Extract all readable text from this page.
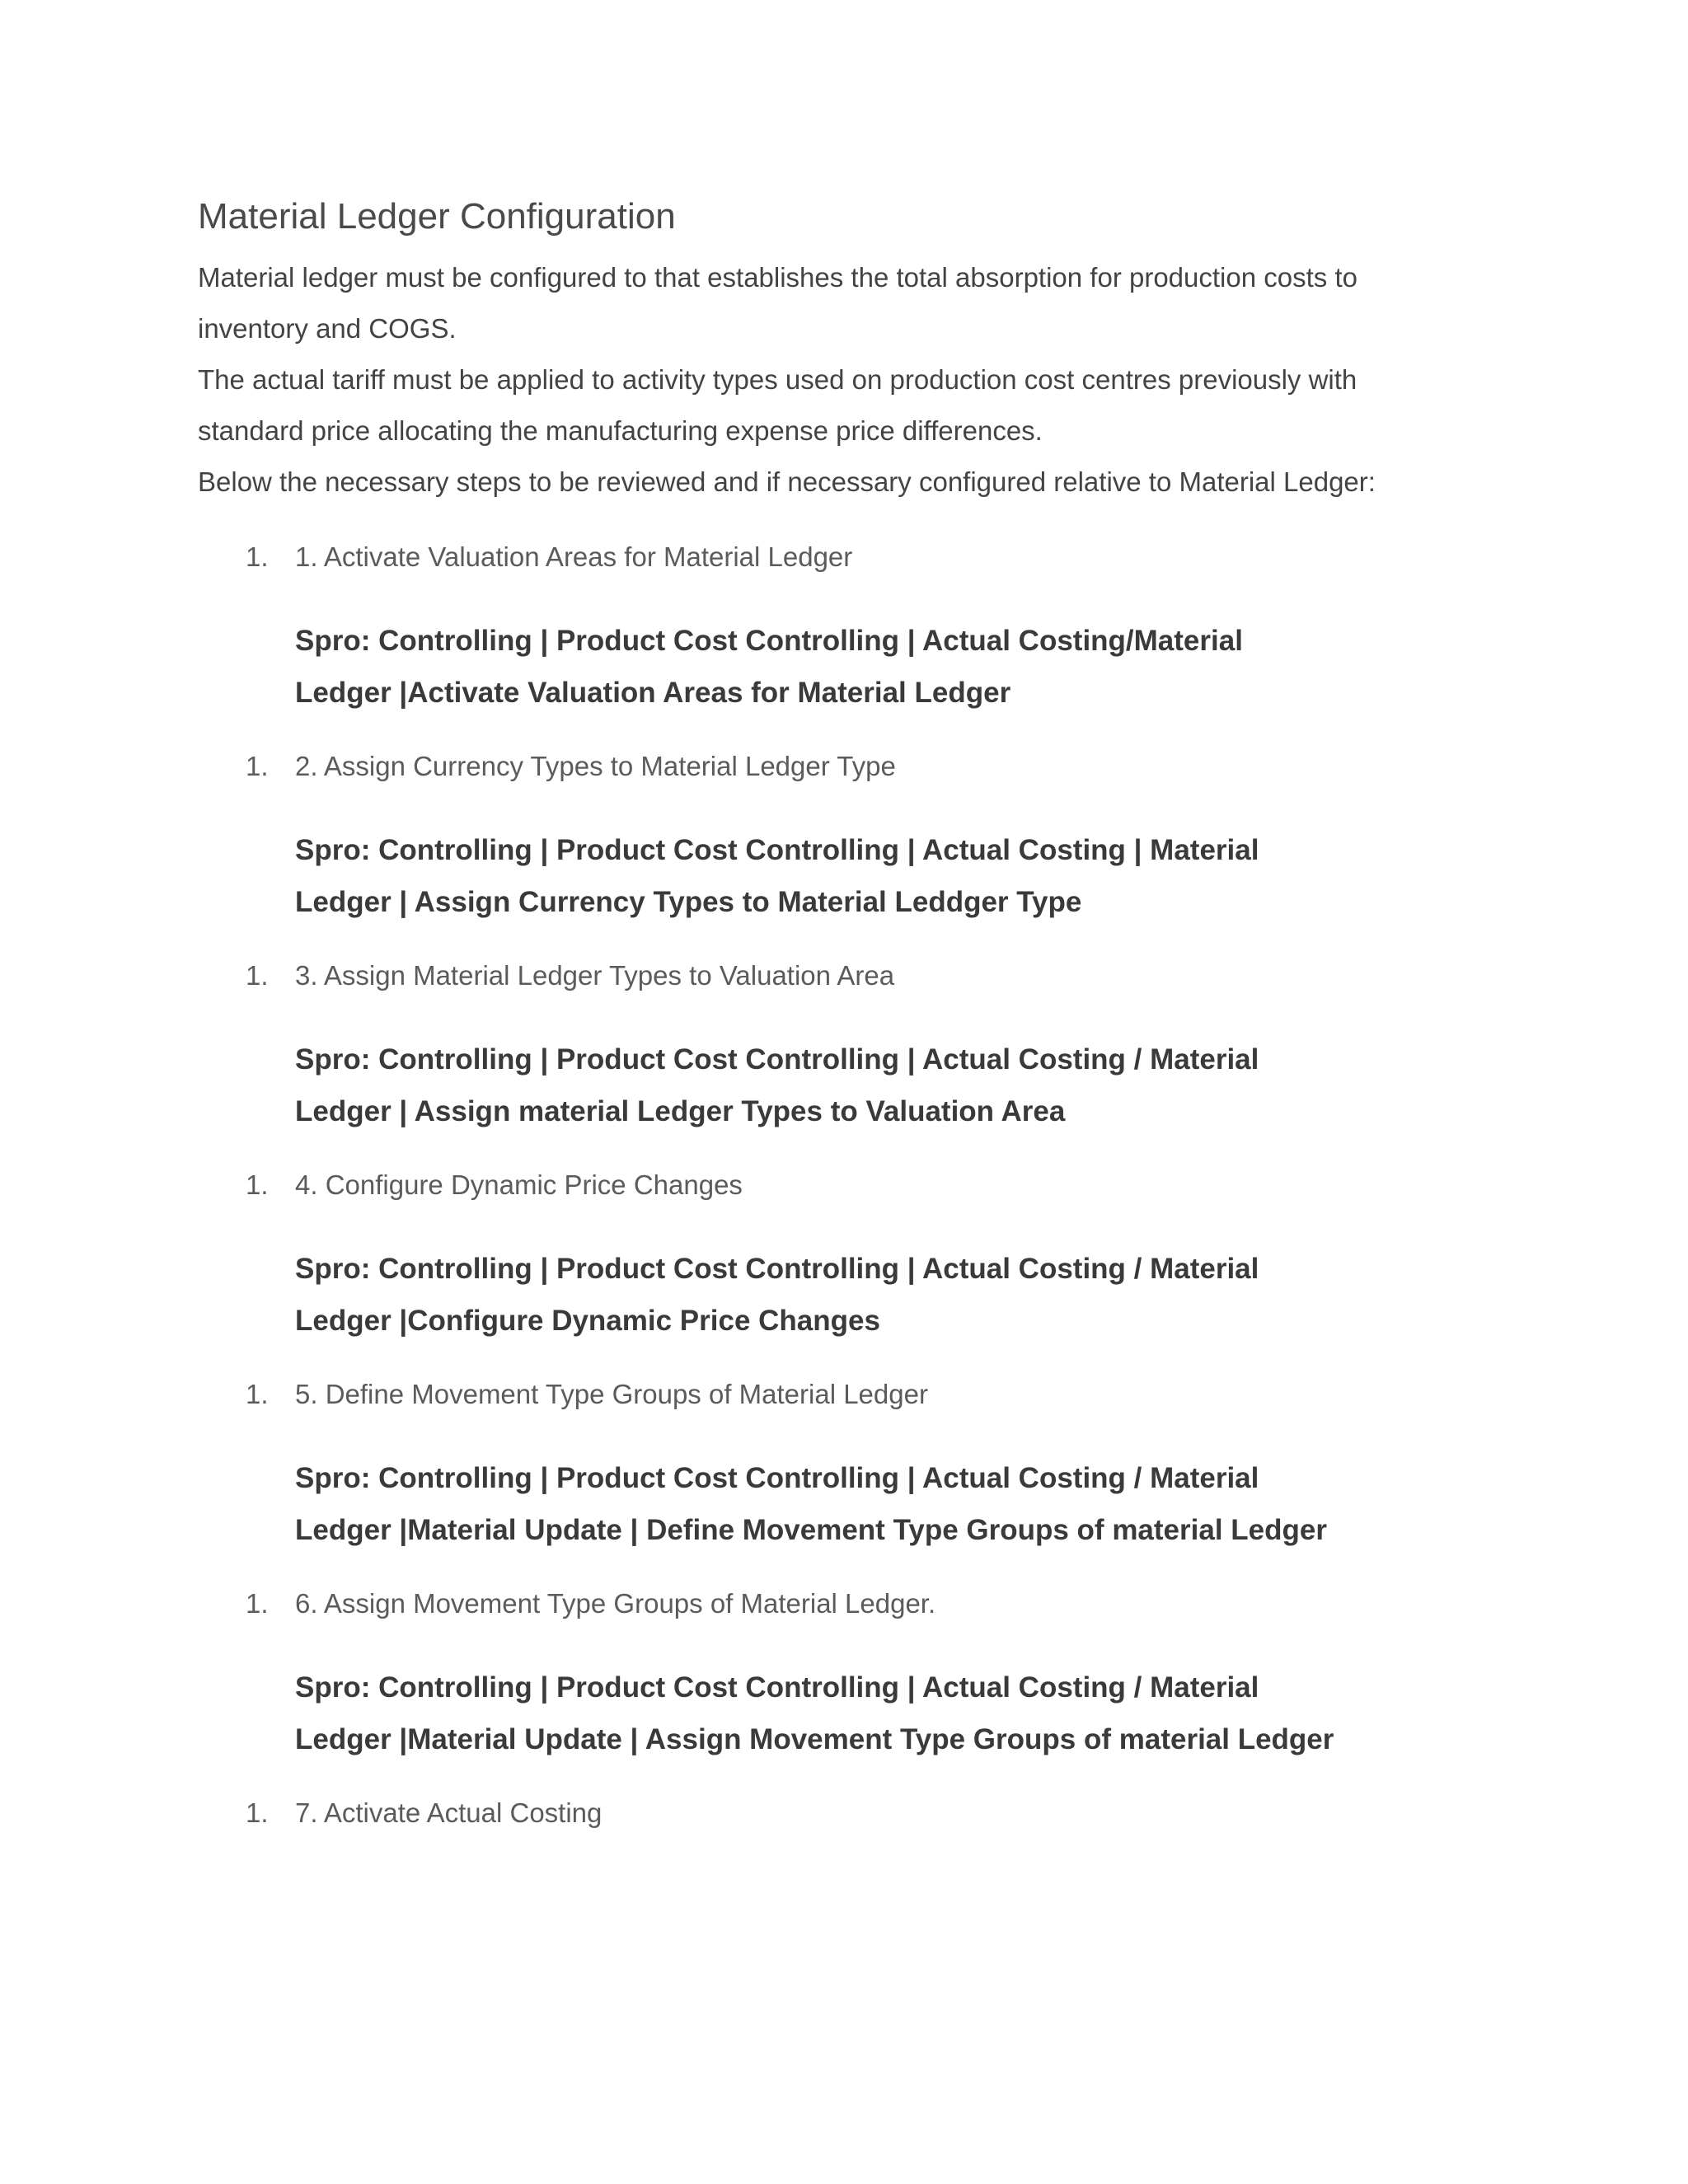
Material Ledger Configuration

Material ledger must be configured to that establishes the total absorption for production costs to

inventory and COGS.

The actual tariff must be applied to activity types used on production cost centres previously with

standard price allocating the manufacturing expense price differences.

Below the necessary steps to be reviewed and if necessary configured relative to Material Ledger:

1. 1. Activate Valuation Areas for Material Ledger
Spro: Controlling | Product Cost Controlling | Actual Costing/Material
Ledger |Activate Valuation Areas for Material Ledger
1. 2. Assign Currency Types to Material Ledger Type
Spro: Controlling | Product Cost Controlling | Actual Costing | Material
Ledger | Assign Currency Types to Material Leddger Type
1. 3. Assign Material Ledger Types to Valuation Area
Spro: Controlling | Product Cost Controlling | Actual Costing / Material
Ledger | Assign material Ledger Types to Valuation Area
1. 4. Configure Dynamic Price Changes
Spro: Controlling | Product Cost Controlling | Actual Costing / Material
Ledger |Configure Dynamic Price Changes
1. 5. Define Movement Type Groups of Material Ledger
Spro: Controlling | Product Cost Controlling | Actual Costing / Material
Ledger |Material Update | Define Movement Type Groups of material Ledger
1. 6. Assign Movement Type Groups of Material Ledger.
Spro: Controlling | Product Cost Controlling | Actual Costing / Material
Ledger |Material Update | Assign Movement Type Groups of material Ledger
1. 7. Activate Actual Costing
